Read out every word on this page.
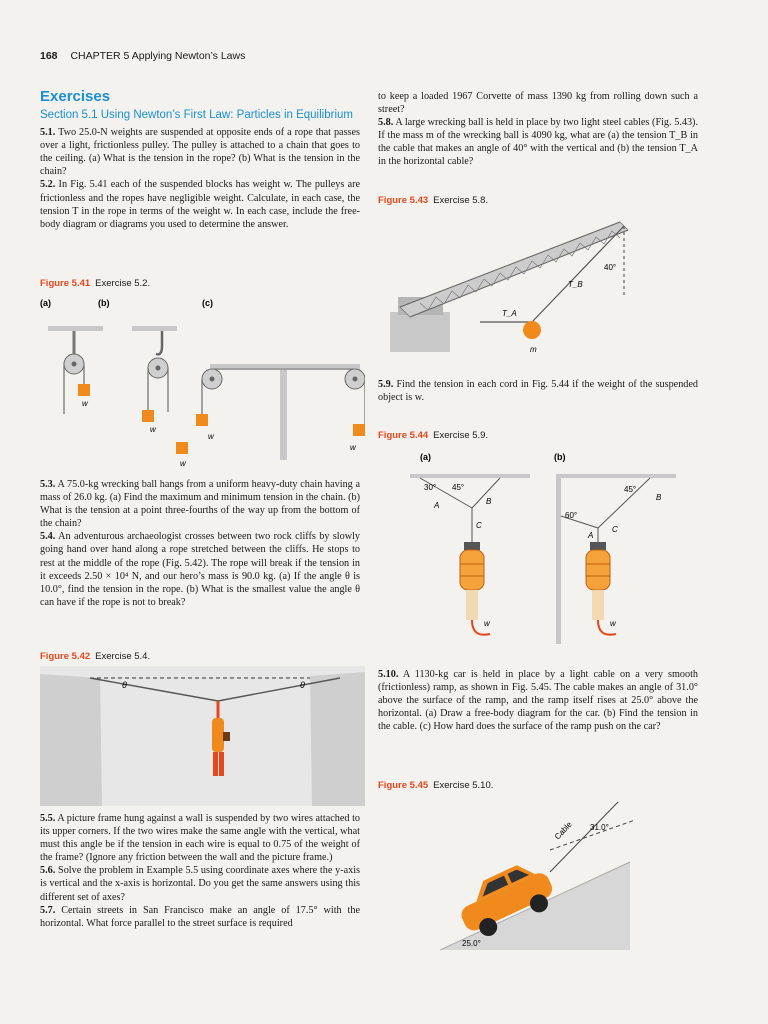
168 CHAPTER 5 Applying Newton’s Laws
Exercises
Section 5.1 Using Newton’s First Law: Particles in Equilibrium

5.1. Two 25.0-N weights are suspended at opposite ends of a rope that passes over a light, frictionless pulley. The pulley is attached to a chain that goes to the ceiling. (a) What is the tension in the rope? (b) What is the tension in the chain?

5.2. In Fig. 5.41 each of the suspended blocks has weight w. The pulleys are frictionless and the ropes have negligible weight. Calculate, in each case, the tension T in the rope in terms of the weight w. In each case, include the free-body diagram or diagrams you used to determine the answer.

Figure 5.41 Exercise 5.2.
(a)	(b)	(c)
w
w
w
w
w

5.3. A 75.0-kg wrecking ball hangs from a uniform heavy-duty chain having a mass of 26.0 kg. (a) Find the maximum and minimum tension in the chain. (b) What is the tension at a point three-fourths of the way up from the bottom of the chain?

5.4. An adventurous archaeologist crosses between two rock cliffs by slowly going hand over hand along a rope stretched between the cliffs. He stops to rest at the middle of the rope (Fig. 5.42). The rope will break if the tension in it exceeds 2.50 × 10⁴ N, and our hero’s mass is 90.0 kg. (a) If the angle θ is 10.0°, find the tension in the rope. (b) What is the smallest value the angle θ can have if the rope is not to break?

Figure 5.42 Exercise 5.4.
θ	θ

5.5. A picture frame hung against a wall is suspended by two wires attached to its upper corners. If the two wires make the same angle with the vertical, what must this angle be if the tension in each wire is equal to 0.75 of the weight of the frame? (Ignore any friction between the wall and the picture frame.)

5.6. Solve the problem in Example 5.5 using coordinate axes where the y-axis is vertical and the x-axis is horizontal. Do you get the same answers using this different set of axes?

5.7. Certain streets in San Francisco make an angle of 17.5° with the horizontal. What force parallel to the street surface is required

to keep a loaded 1967 Corvette of mass 1390 kg from rolling down such a street?

5.8. A large wrecking ball is held in place by two light steel cables (Fig. 5.43). If the mass m of the wrecking ball is 4090 kg, what are (a) the tension T_B in the cable that makes an angle of 40° with the vertical and (b) the tension T_A in the horizontal cable?

Figure 5.43 Exercise 5.8.
40°
T_B
T_A
m

5.9. Find the tension in each cord in Fig. 5.44 if the weight of the suspended object is w.

Figure 5.44 Exercise 5.9.
(a)	(b)
30° 45°
A	B
C
w
60°
45°
A
B
C
w

5.10. A 1130-kg car is held in place by a light cable on a very smooth (frictionless) ramp, as shown in Fig. 5.45. The cable makes an angle of 31.0° above the surface of the ramp, and the ramp itself rises at 25.0° above the horizontal. (a) Draw a free-body diagram for the car. (b) Find the tension in the cable. (c) How hard does the surface of the ramp push on the car?

Figure 5.45 Exercise 5.10.
Cable 31.0°
25.0°
